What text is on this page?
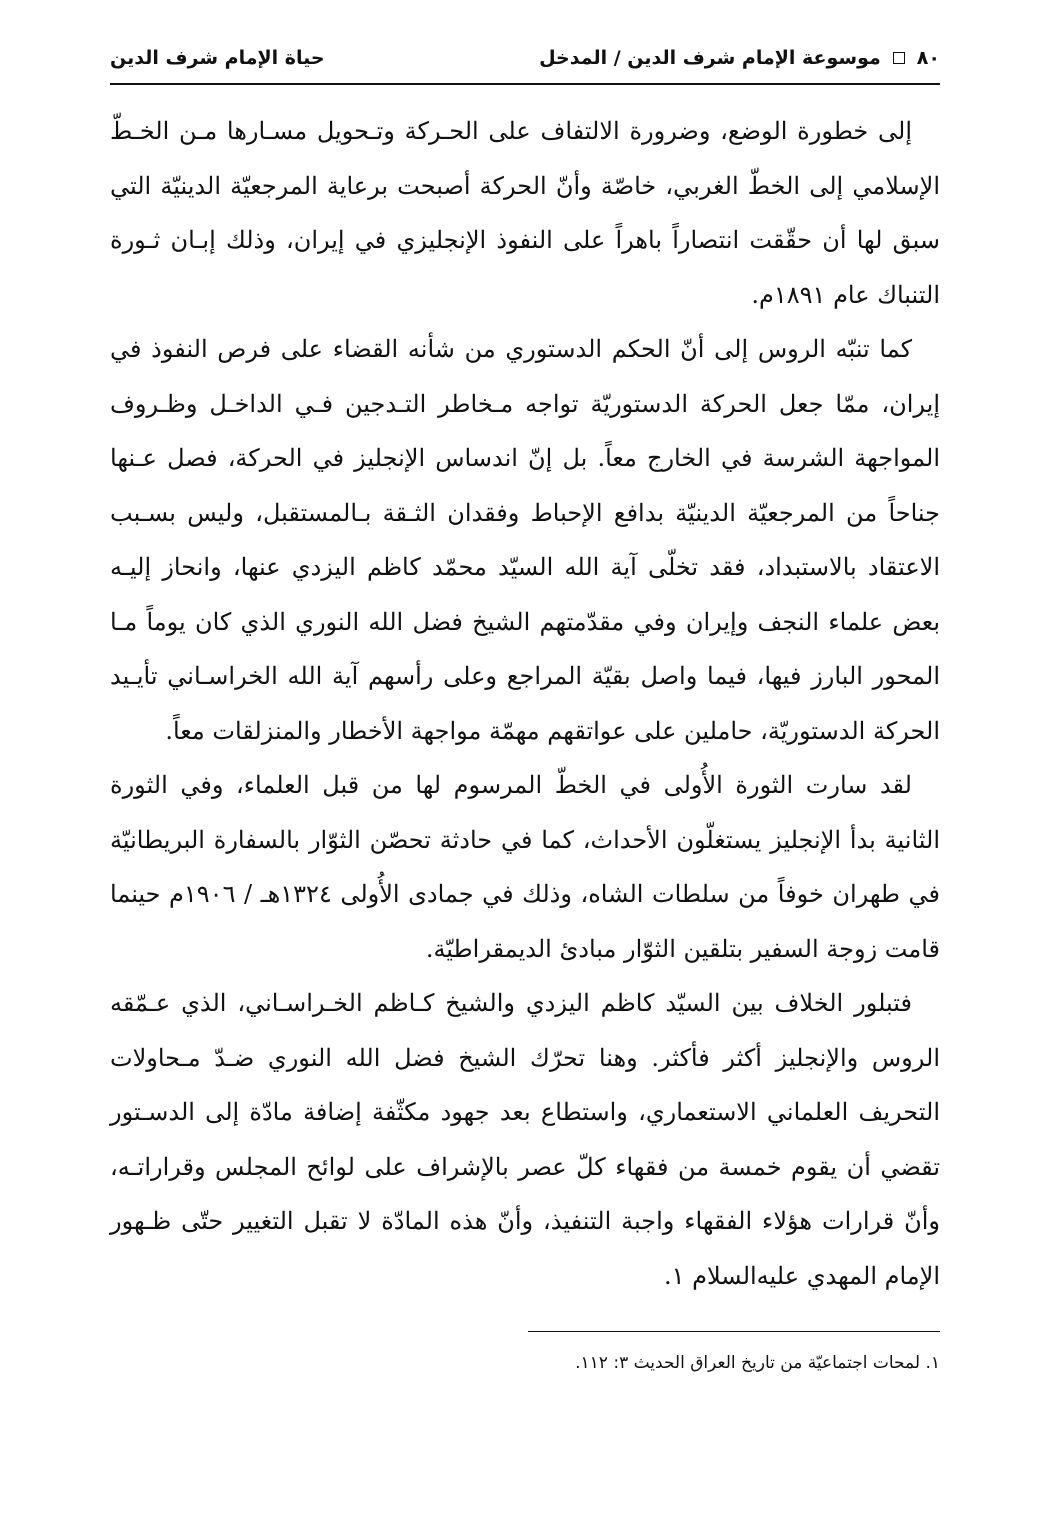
٨٠
موسوعة الإمام شرف الدين / المدخل
حياة الإمام شرف الدين

إلى خطورة الوضع، وضرورة الالتفاف على الحـركة وتـحويل مسـارها مـن الخـطّ الإسلامي إلى الخطّ الغربي، خاصّة وأنّ الحركة أصبحت برعاية المرجعيّة الدينيّة التي سبق لها أن حقّقت انتصاراً باهراً على النفوذ الإنجليزي في إيران، وذلك إبـان ثـورة التنباك عام ١٨٩١م.

كما تنبّه الروس إلى أنّ الحكم الدستوري من شأنه القضاء على فرص النفوذ في إيران، ممّا جعل الحركة الدستوريّة تواجه مـخاطر التـدجين فـي الداخـل وظـروف المواجهة الشرسة في الخارج معاً. بل إنّ اندساس الإنجليز في الحركة، فصل عـنها جناحاً من المرجعيّة الدينيّة بدافع الإحباط وفقدان الثـقة بـالمستقبل، وليس بسـبب الاعتقاد بالاستبداد، فقد تخلّى آية الله السيّد محمّد كاظم اليزدي عنها، وانحاز إليـه بعض علماء النجف وإيران وفي مقدّمتهم الشيخ فضل الله النوري الذي كان يوماً مـا المحور البارز فيها، فيما واصل بقيّة المراجع وعلى رأسهم آية الله الخراسـاني تأيـيد الحركة الدستوريّة، حاملين على عواتقهم مهمّة مواجهة الأخطار والمنزلقات معاً.

لقد سارت الثورة الأُولى في الخطّ المرسوم لها من قبل العلماء، وفي الثورة الثانية بدأ الإنجليز يستغلّون الأحداث، كما في حادثة تحصّن الثوّار بالسفارة البريطانيّة في طهران خوفاً من سلطات الشاه، وذلك في جمادى الأُولى ١٣٢٤هـ / ١٩٠٦م حينما قامت زوجة السفير بتلقين الثوّار مبادئ الديمقراطيّة.

فتبلور الخلاف بين السيّد كاظم اليزدي والشيخ كـاظم الخـراسـاني، الذي عـمّقه الروس والإنجليز أكثر فأكثر. وهنا تحرّك الشيخ فضل الله النوري ضـدّ مـحاولات التحريف العلماني الاستعماري، واستطاع بعد جهود مكثّفة إضافة مادّة إلى الدسـتور تقضي أن يقوم خمسة من فقهاء كلّ عصر بالإشراف على لوائح المجلس وقراراتـه، وأنّ قرارات هؤلاء الفقهاء واجبة التنفيذ، وأنّ هذه المادّة لا تقبل التغيير حتّى ظـهور الإمام المهدي عليه‌السلام ١.

١. لمحات اجتماعيّة من تاريخ العراق الحديث ٣: ١١٢.
